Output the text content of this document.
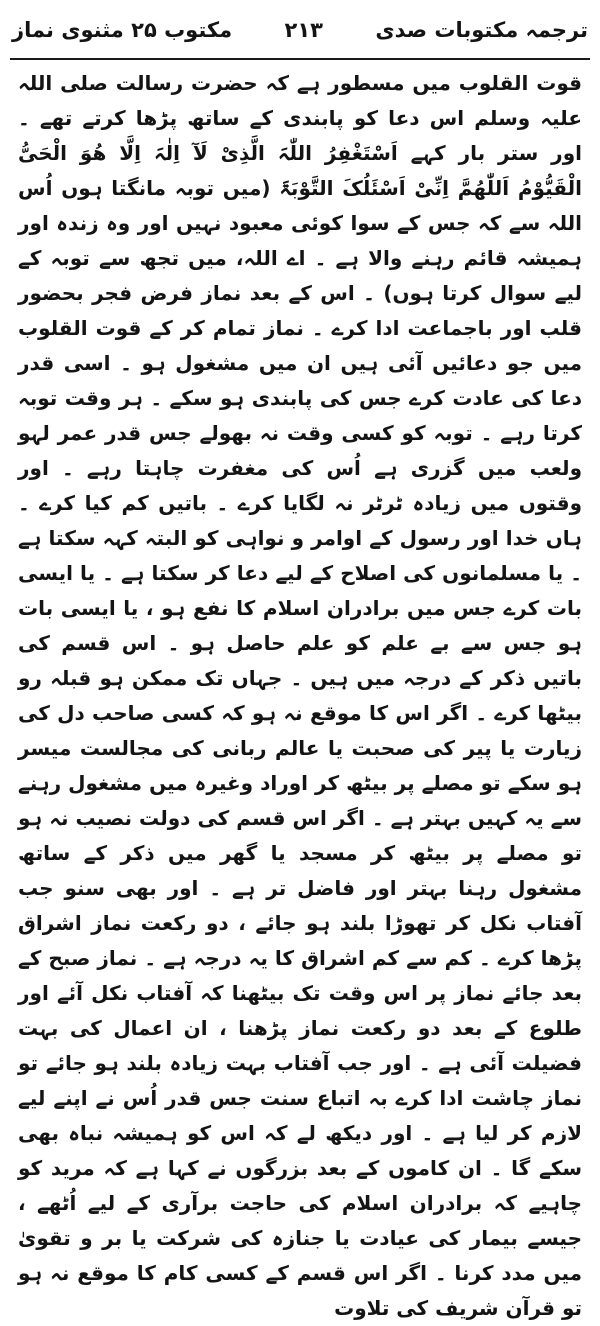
ترجمہ مکتوبات صدی
۲۱۳
مکتوب ۲۵ مثنوی نماز

قوت القلوب میں مسطور ہے کہ حضرت رسالت صلی اللہ علیہ وسلم اس دعا کو پابندی کے ساتھ پڑھا کرتے تھے ۔ اور ستر بار کہے اَسْتَغْفِرُ اللّٰہَ الَّذِیْ لَآ اِلٰہَ اِلَّا ھُوَ الْحَیُّ الْقَیُّوْمُ اَللّٰھُمَّ اِنِّیْ اَسْئَلُکَ التَّوْبَۃَ (میں توبہ مانگتا ہوں اُس اللہ سے کہ جس کے سوا کوئی معبود نہیں اور وہ زندہ اور ہمیشہ قائم رہنے والا ہے ۔ اے اللہ، میں تجھ سے توبہ کے لیے سوال کرتا ہوں) ۔ اس کے بعد نماز فرض فجر بحضور قلب اور باجماعت ادا کرے ۔ نماز تمام کر کے قوت القلوب میں جو دعائیں آئی ہیں ان میں مشغول ہو ۔ اسی قدر دعا کی عادت کرے جس کی پابندی ہو سکے ۔ ہر وقت توبہ کرتا رہے ۔ توبہ کو کسی وقت نہ بھولے جس قدر عمر لہو ولعب میں گزری ہے اُس کی مغفرت چاہتا رہے ۔ اور وقتوں میں زیادہ ٹرٹر نہ لگایا کرے ۔ باتیں کم کیا کرے ۔ ہاں خدا اور رسول کے اوامر و نواہی کو البتہ کہہ سکتا ہے ۔ یا مسلمانوں کی اصلاح کے لیے دعا کر سکتا ہے ۔ یا ایسی بات کرے جس میں برادران اسلام کا نفع ہو ، یا ایسی بات ہو جس سے بے علم کو علم حاصل ہو ۔ اس قسم کی باتیں ذکر کے درجہ میں ہیں ۔ جہاں تک ممکن ہو قبلہ رو بیٹھا کرے ۔ اگر اس کا موقع نہ ہو کہ کسی صاحب دل کی زیارت یا پیر کی صحبت یا عالم ربانی کی مجالست میسر ہو سکے تو مصلے پر بیٹھ کر اوراد وغیرہ میں مشغول رہنے سے یہ کہیں بہتر ہے ۔ اگر اس قسم کی دولت نصیب نہ ہو تو مصلے پر بیٹھ کر مسجد یا گھر میں ذکر کے ساتھ مشغول رہنا بہتر اور فاضل تر ہے ۔ اور بھی سنو جب آفتاب نکل کر تھوڑا بلند ہو جائے ، دو رکعت نماز اشراق پڑھا کرے ۔ کم سے کم اشراق کا یہ درجہ ہے ۔ نماز صبح کے بعد جائے نماز پر اس وقت تک بیٹھنا کہ آفتاب نکل آئے اور طلوع کے بعد دو رکعت نماز پڑھنا ، ان اعمال کی بہت فضیلت آئی ہے ۔ اور جب آفتاب بہت زیادہ بلند ہو جائے تو نماز چاشت ادا کرے بہ اتباع سنت جس قدر اُس نے اپنے لیے لازم کر لیا ہے ۔ اور دیکھ لے کہ اس کو ہمیشہ نباہ بھی سکے گا ۔ ان کاموں کے بعد بزرگوں نے کہا ہے کہ مرید کو چاہیے کہ برادران اسلام کی حاجت برآری کے لیے اُٹھے ، جیسے بیمار کی عیادت یا جنازہ کی شرکت یا بر و تقویٰ میں مدد کرنا ۔ اگر اس قسم کے کسی کام کا موقع نہ ہو تو قرآن شریف کی تلاوت
